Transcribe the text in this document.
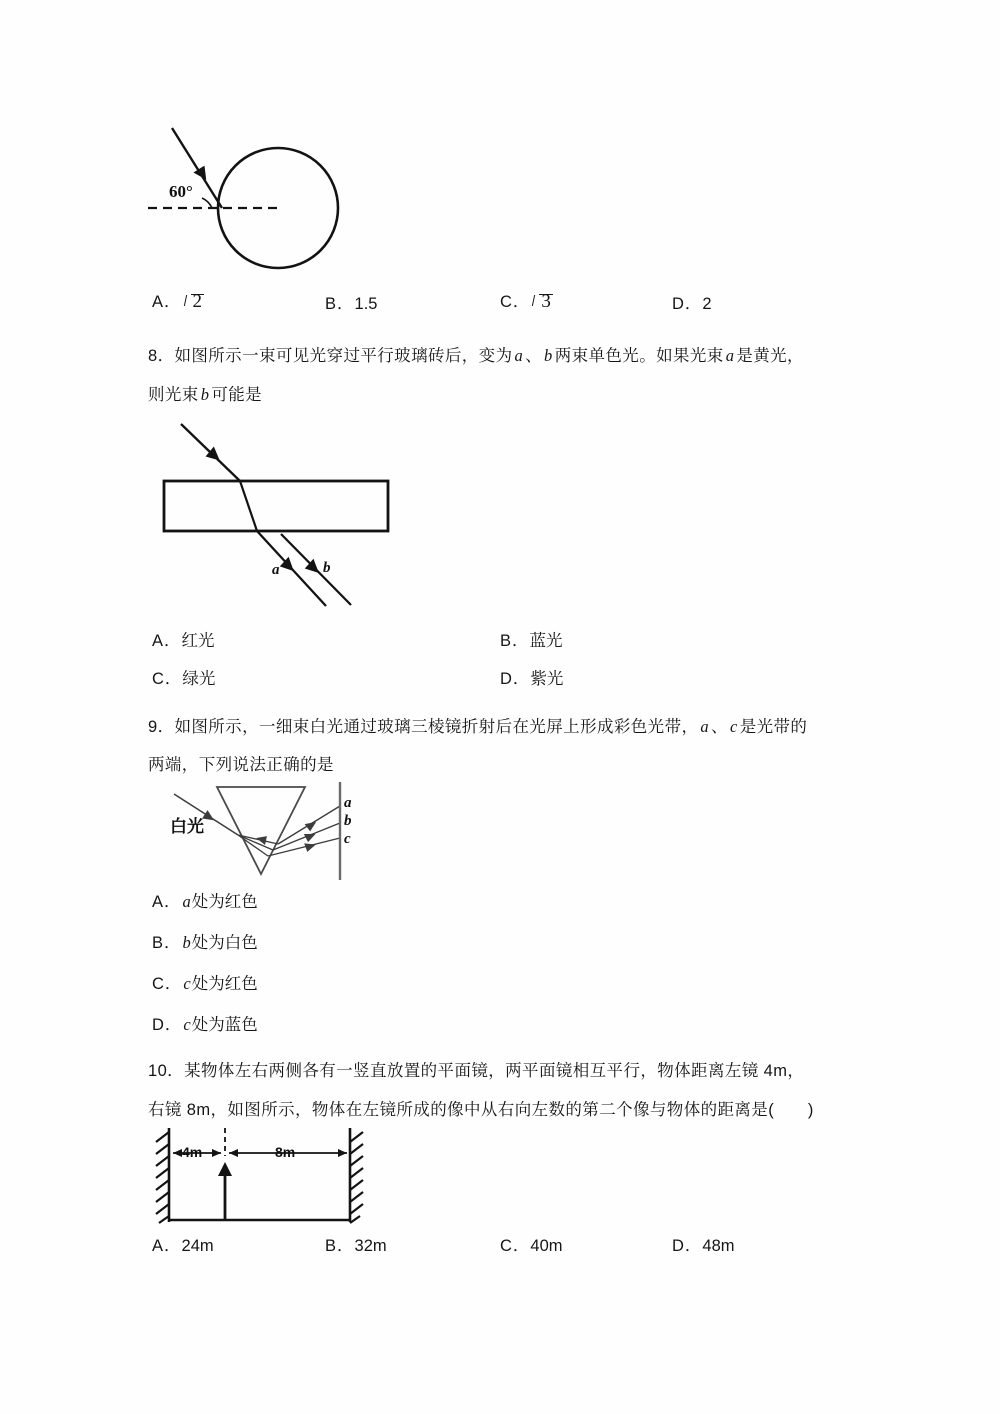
60°
A． 2	B．1.5	C． 3	D．2
8．如图所示一束可见光穿过平行玻璃砖后，变为 a 、 b 两束单色光。如果光束 a 是黄光，
则光束 b 可能是
a	b
A．红光	B．蓝光
C．绿光	D．紫光
9．如图所示，一细束白光通过玻璃三棱镜折射后在光屏上形成彩色光带， a 、 c 是光带的
两端，下列说法正确的是
白光
a
b
c
A．a处为红色
B．b处为白色
C．c处为红色
D．c处为蓝色
10．某物体左右两侧各有一竖直放置的平面镜，两平面镜相互平行，物体距离左镜 4m，
右镜 8m，如图所示，物体在左镜所成的像中从右向左数的第二个像与物体的距离是(　　)
4m	8m
A．24m	B．32m	C．40m	D．48m
